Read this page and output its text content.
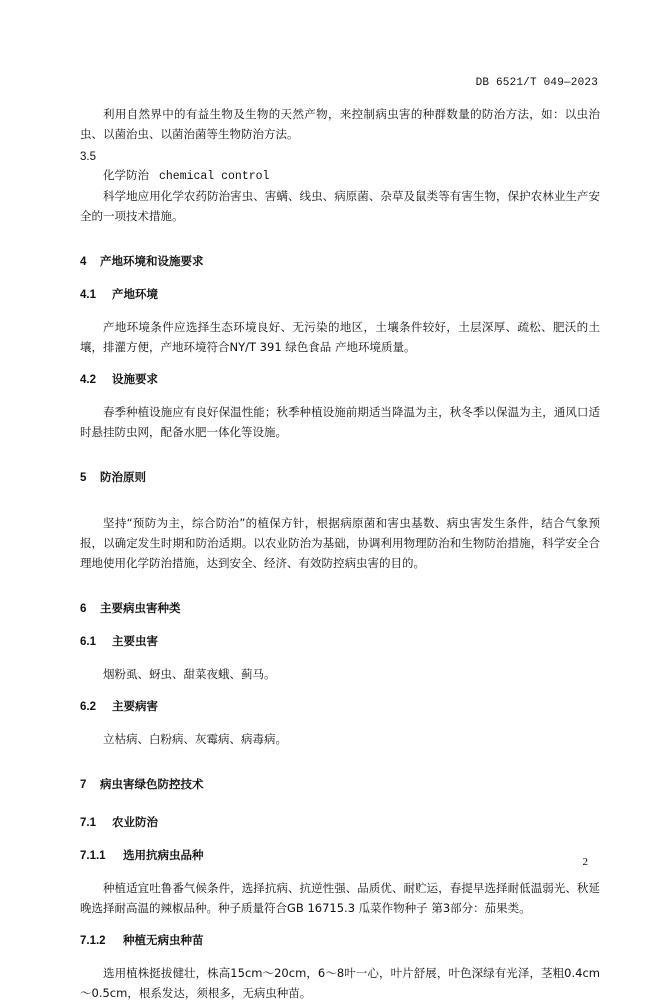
DB 6521/T 049—2023

利用自然界中的有益生物及生物的天然产物，来控制病虫害的种群数量的防治方法，如：以虫治虫、以菌治虫、以菌治菌等生物防治方法。

3.5
化学防治 chemical control

科学地应用化学农药防治害虫、害螨、线虫、病原菌、杂草及鼠类等有害生物，保护农林业生产安全的一项技术措施。

4 产地环境和设施要求
4.1 产地环境

产地环境条件应选择生态环境良好、无污染的地区，土壤条件较好，土层深厚、疏松、肥沃的土壤，排灌方便，产地环境符合NY/T 391 绿色食品 产地环境质量。

4.2 设施要求

春季种植设施应有良好保温性能；秋季种植设施前期适当降温为主，秋冬季以保温为主，通风口适时悬挂防虫网，配备水肥一体化等设施。

5 防治原则

坚持“预防为主，综合防治”的植保方针，根据病原菌和害虫基数、病虫害发生条件，结合气象预报，以确定发生时期和防治适期。以农业防治为基础，协调利用物理防治和生物防治措施，科学安全合理地使用化学防治措施，达到安全、经济、有效防控病虫害的目的。

6 主要病虫害种类
6.1 主要虫害

烟粉虱、蚜虫、甜菜夜蛾、蓟马。

6.2 主要病害

立枯病、白粉病、灰霉病、病毒病。

7 病虫害绿色防控技术
7.1 农业防治
7.1.1 选用抗病虫品种

种植适宜吐鲁番气候条件，选择抗病、抗逆性强、品质优、耐贮运，春提早选择耐低温弱光、秋延晚选择耐高温的辣椒品种。种子质量符合GB 16715.3 瓜菜作物种子 第3部分：茄果类。

7.1.2 种植无病虫种苗

选用植株挺拔健壮，株高15cm～20cm，6～8叶一心，叶片舒展，叶色深绿有光泽，茎粗0.4cm～0.5cm，根系发达，须根多，无病虫种苗。

2
